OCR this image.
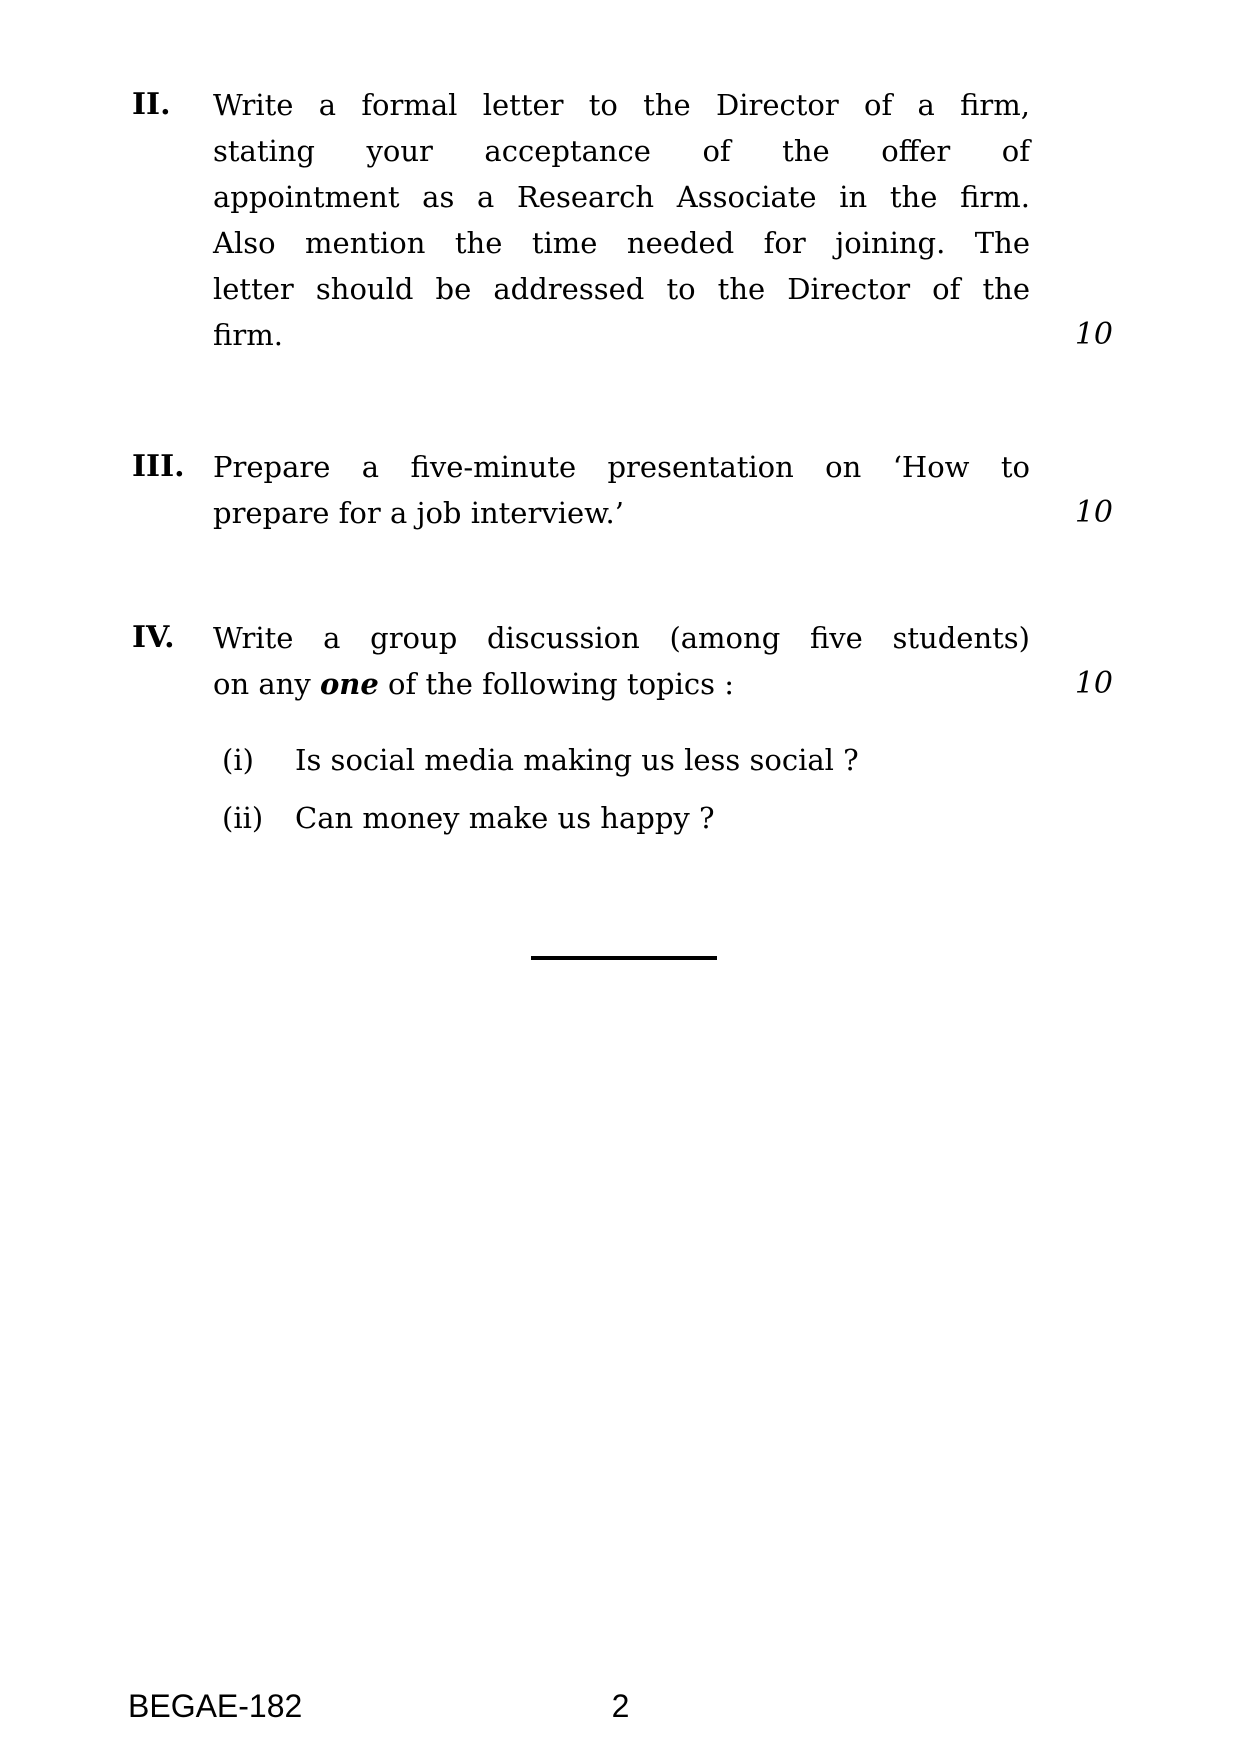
II. Write a formal letter to the Director of a firm,
stating your acceptance of the offer of
appointment as a Research Associate in the firm.
Also mention the time needed for joining. The
letter should be addressed to the Director of the
firm.	10
III. Prepare a five-minute presentation on ‘How to
prepare for a job interview.’	10
IV. Write a group discussion (among five students)
on any one of the following topics :
(i)	Is social media making us less social ?
(ii)	Can money make us happy ?
10
BEGAE-182	2
